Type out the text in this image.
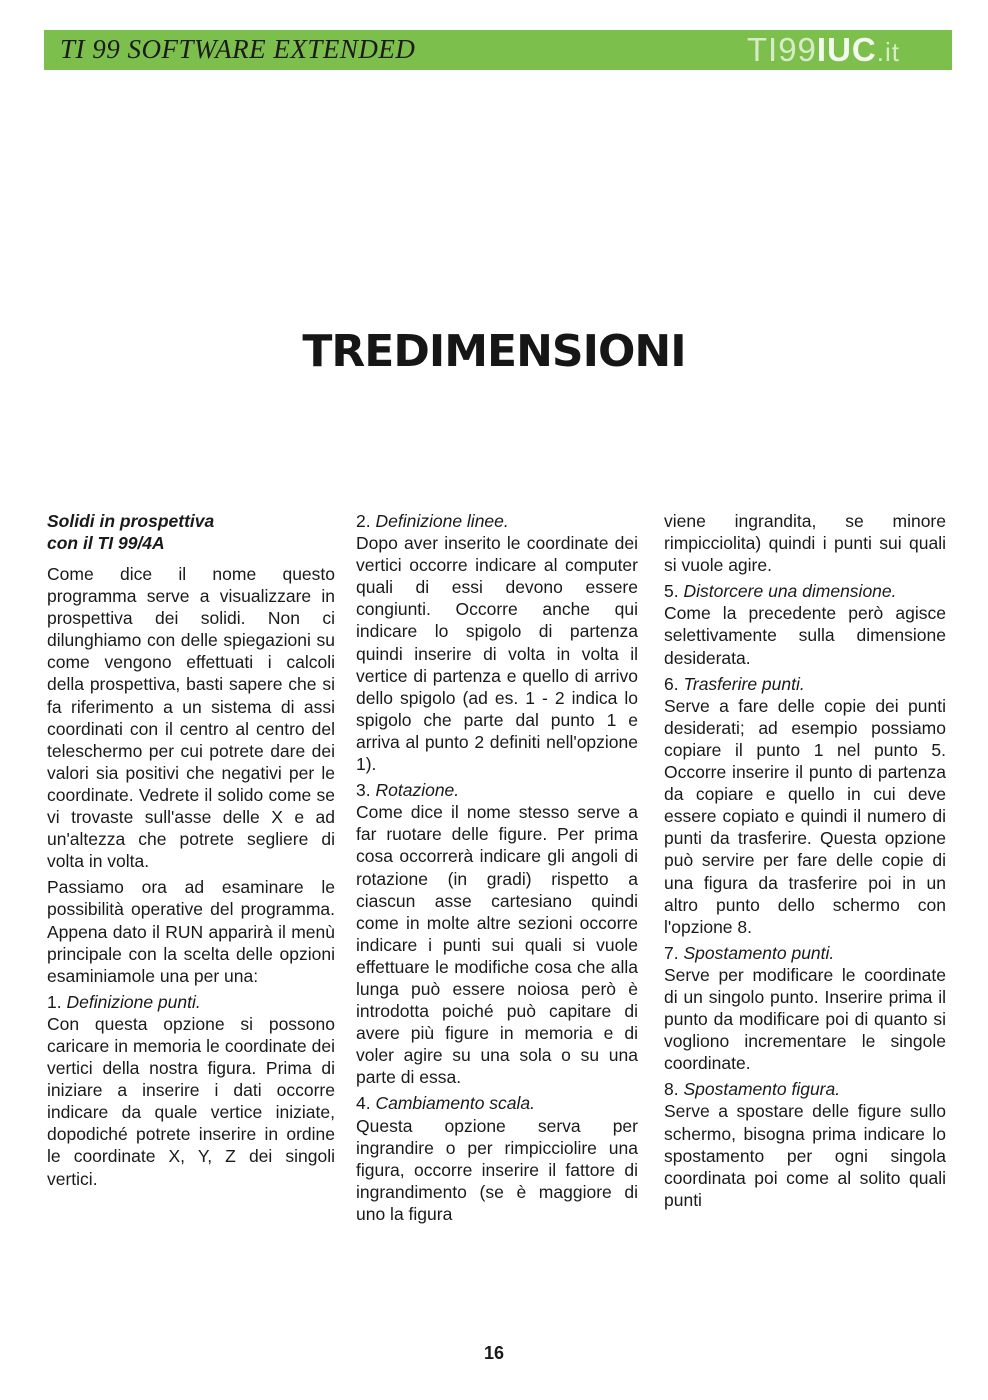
TI 99 SOFTWARE EXTENDED	TI99IUC.it
TREDIMENSIONI
Solidi in prospettiva
con il TI 99/4A

Come dice il nome questo programma serve a visualizzare in prospettiva dei solidi. Non ci dilunghiamo con delle spiegazioni su come vengono effettuati i calcoli della prospettiva, basti sapere che si fa riferimento a un sistema di assi coordinati con il centro al centro del teleschermo per cui potrete dare dei valori sia positivi che negativi per le coordinate. Vedrete il solido come se vi trovaste sull'asse delle X e ad un'altezza che potrete segliere di volta in volta.

Passiamo ora ad esaminare le possibilità operative del programma. Appena dato il RUN apparirà il menù principale con la scelta delle opzioni esaminiamole una per una:

1. Definizione punti.

Con questa opzione si possono caricare in memoria le coordinate dei vertici della nostra figura. Prima di iniziare a inserire i dati occorre indicare da quale vertice iniziate, dopodiché potrete inserire in ordine le coordinate X, Y, Z dei singoli vertici.

2. Definizione linee.

Dopo aver inserito le coordinate dei vertici occorre indicare al computer quali di essi devono essere congiunti. Occorre anche qui indicare lo spigolo di partenza quindi inserire di volta in volta il vertice di partenza e quello di arrivo dello spigolo (ad es. 1 - 2 indica lo spigolo che parte dal punto 1 e arriva al punto 2 definiti nell'opzione 1).

3. Rotazione.

Come dice il nome stesso serve a far ruotare delle figure. Per prima cosa occorrerà indicare gli angoli di rotazione (in gradi) rispetto a ciascun asse cartesiano quindi come in molte altre sezioni occorre indicare i punti sui quali si vuole effettuare le modifiche cosa che alla lunga può essere noiosa però è introdotta poiché può capitare di avere più figure in memoria e di voler agire su una sola o su una parte di essa.

4. Cambiamento scala.

Questa opzione serva per ingrandire o per rimpicciolire una figura, occorre inserire il fattore di ingrandimento (se è maggiore di uno la figura

viene ingrandita, se minore rimpicciolita) quindi i punti sui quali si vuole agire.

5. Distorcere una dimensione.

Come la precedente però agisce selettivamente sulla dimensione desiderata.

6. Trasferire punti.

Serve a fare delle copie dei punti desiderati; ad esempio possiamo copiare il punto 1 nel punto 5. Occorre inserire il punto di partenza da copiare e quello in cui deve essere copiato e quindi il numero di punti da trasferire. Questa opzione può servire per fare delle copie di una figura da trasferire poi in un altro punto dello schermo con l'opzione 8.

7. Spostamento punti.

Serve per modificare le coordinate di un singolo punto. Inserire prima il punto da modificare poi di quanto si vogliono incrementare le singole coordinate.

8. Spostamento figura.

Serve a spostare delle figure sullo schermo, bisogna prima indicare lo spostamento per ogni singola coordinata poi come al solito quali punti

16
